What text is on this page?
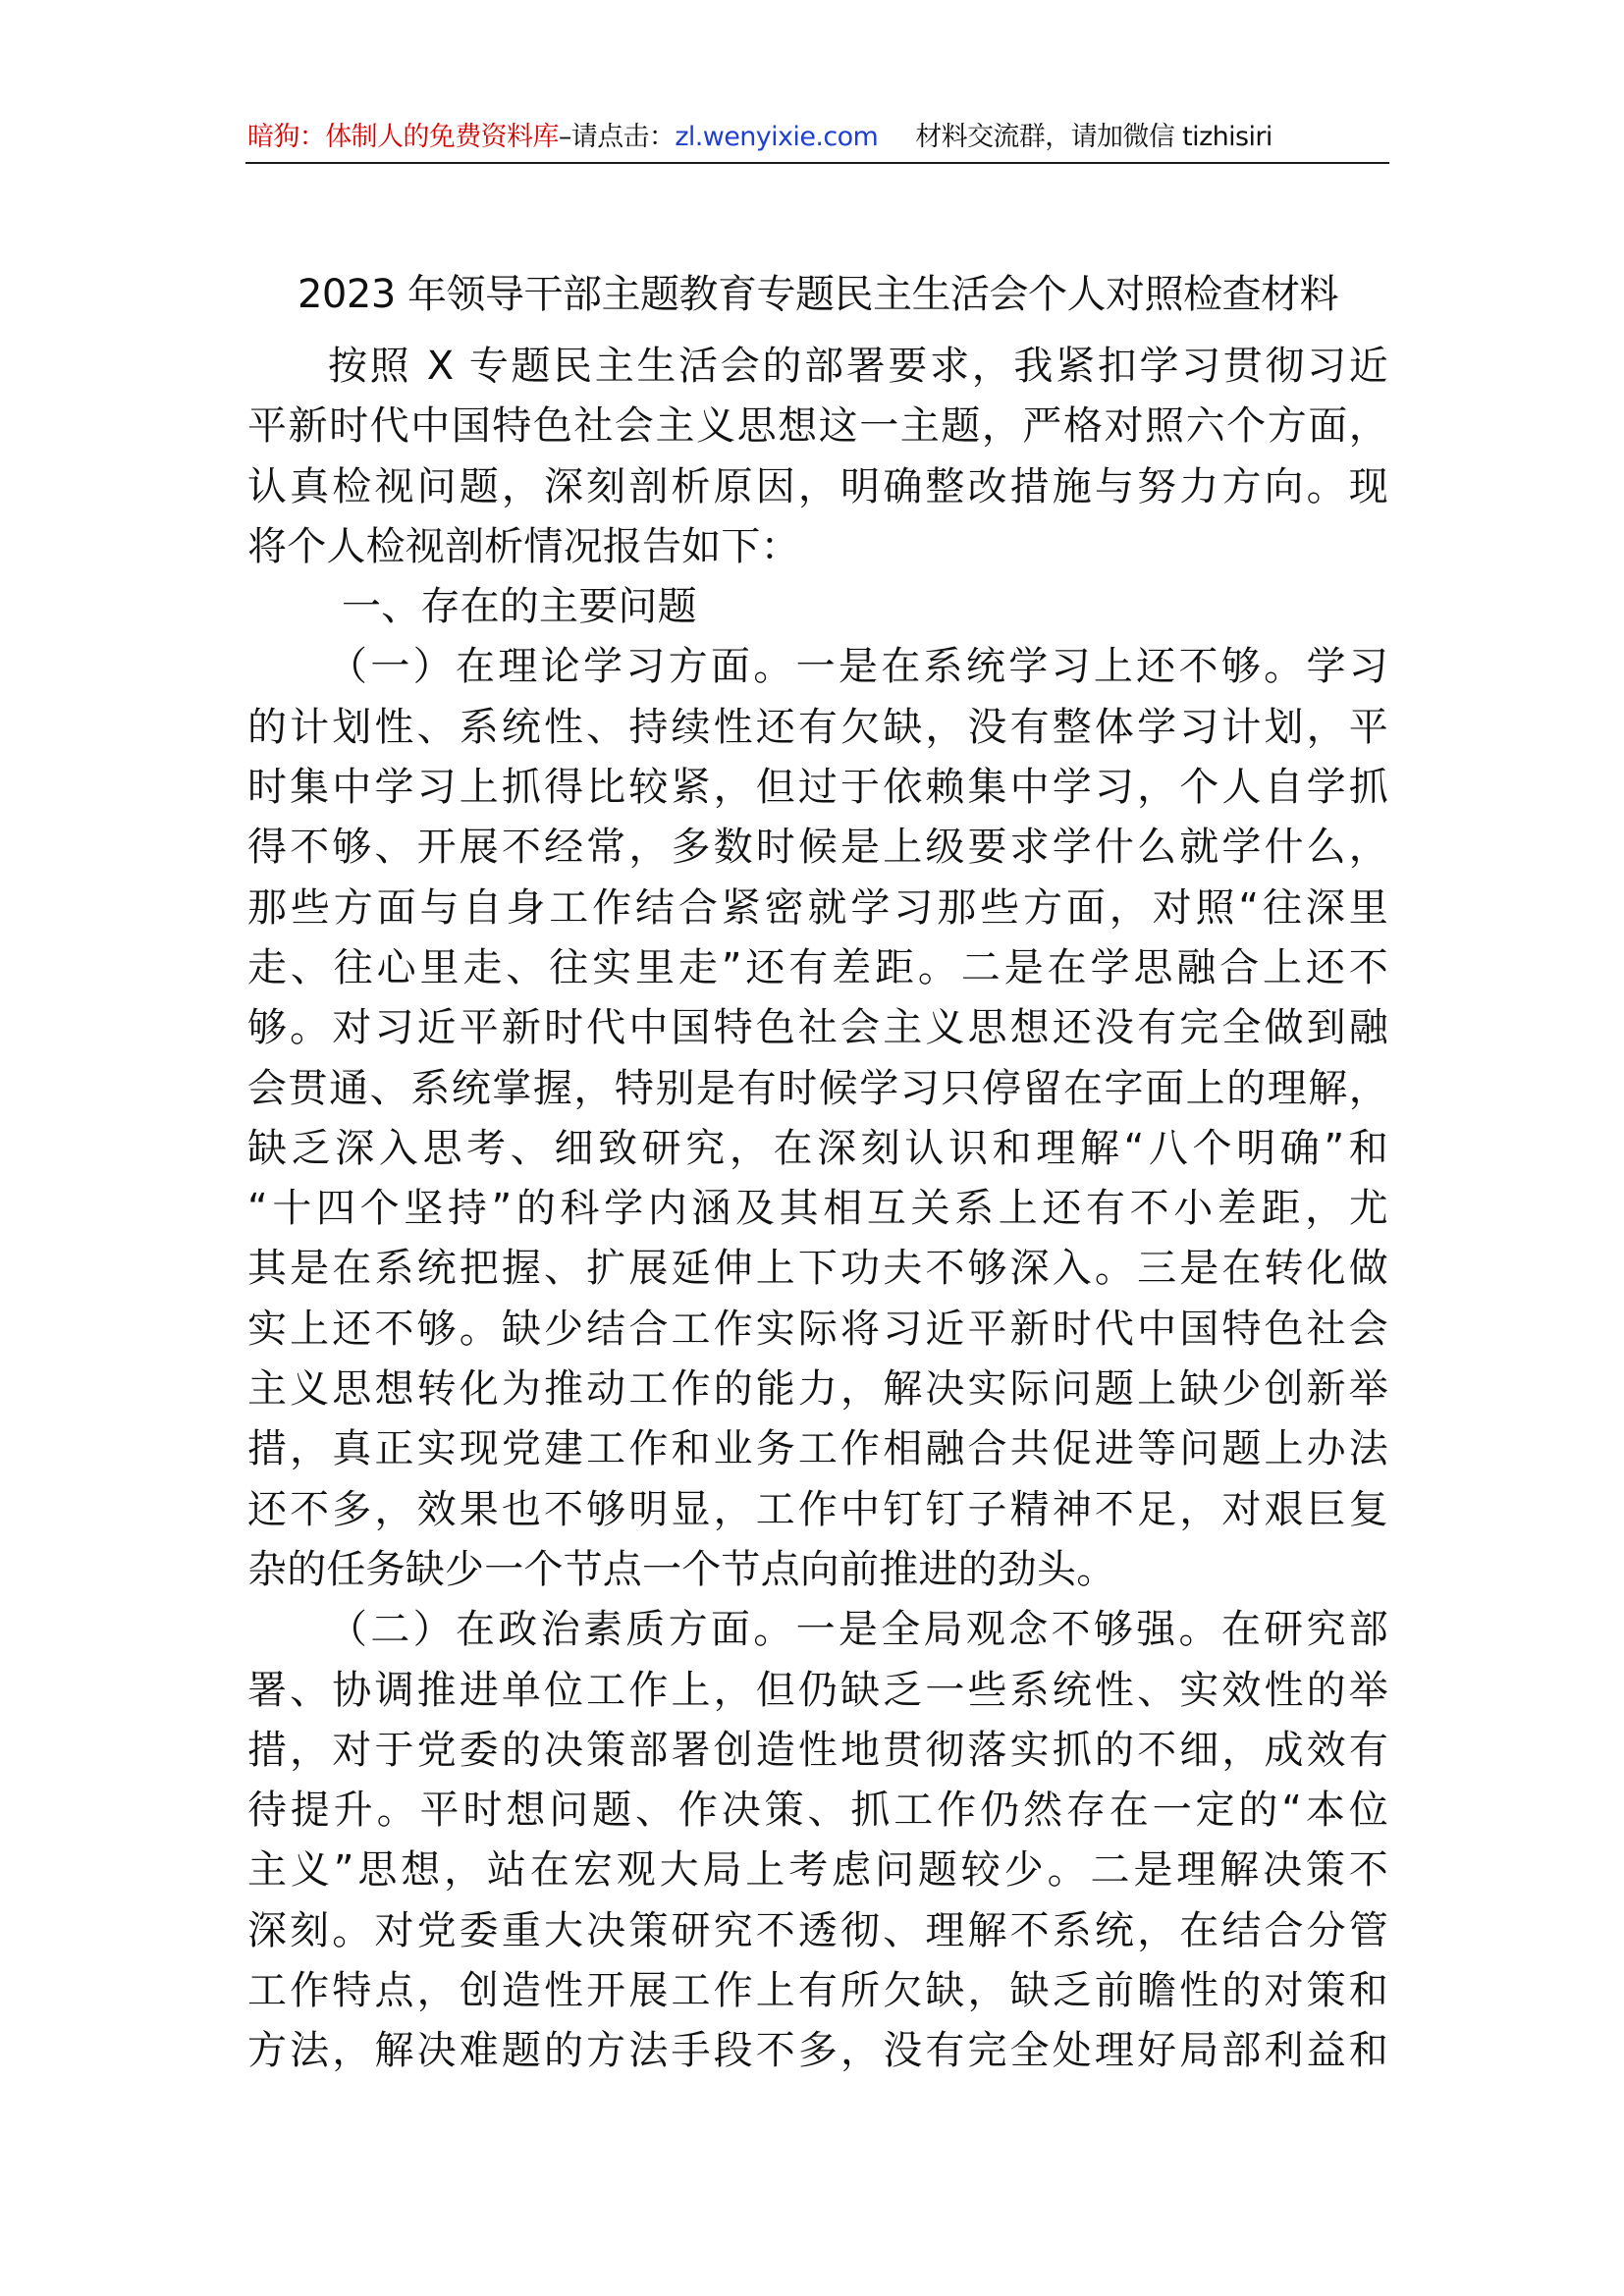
暗狗：体制人的免费资料库–请点击：zl.wenyixie.com 材料交流群，请加微信 tizhisiri
2023 年领导干部主题教育专题民主生活会个人对照检查材料
按照 X 专题民主生活会的部署要求，我紧扣学习贯彻习近
平新时代中国特色社会主义思想这一主题，严格对照六个方面，
认真检视问题，深刻剖析原因，明确整改措施与努力方向。现
将个人检视剖析情况报告如下：
一、存在的主要问题
（一）在理论学习方面。一是在系统学习上还不够。学习
的计划性、系统性、持续性还有欠缺，没有整体学习计划，平
时集中学习上抓得比较紧，但过于依赖集中学习，个人自学抓
得不够、开展不经常，多数时候是上级要求学什么就学什么，
那些方面与自身工作结合紧密就学习那些方面，对照“往深里
走、往心里走、往实里走”还有差距。二是在学思融合上还不
够。对习近平新时代中国特色社会主义思想还没有完全做到融
会贯通、系统掌握，特别是有时候学习只停留在字面上的理解，
缺乏深入思考、细致研究，在深刻认识和理解“八个明确”和
“十四个坚持”的科学内涵及其相互关系上还有不小差距，尤
其是在系统把握、扩展延伸上下功夫不够深入。三是在转化做
实上还不够。缺少结合工作实际将习近平新时代中国特色社会
主义思想转化为推动工作的能力，解决实际问题上缺少创新举
措，真正实现党建工作和业务工作相融合共促进等问题上办法
还不多，效果也不够明显，工作中钉钉子精神不足，对艰巨复
杂的任务缺少一个节点一个节点向前推进的劲头。
（二）在政治素质方面。一是全局观念不够强。在研究部
署、协调推进单位工作上，但仍缺乏一些系统性、实效性的举
措，对于党委的决策部署创造性地贯彻落实抓的不细，成效有
待提升。平时想问题、作决策、抓工作仍然存在一定的“本位
主义”思想，站在宏观大局上考虑问题较少。二是理解决策不
深刻。对党委重大决策研究不透彻、理解不系统，在结合分管
工作特点，创造性开展工作上有所欠缺，缺乏前瞻性的对策和
方法，解决难题的方法手段不多，没有完全处理好局部利益和
